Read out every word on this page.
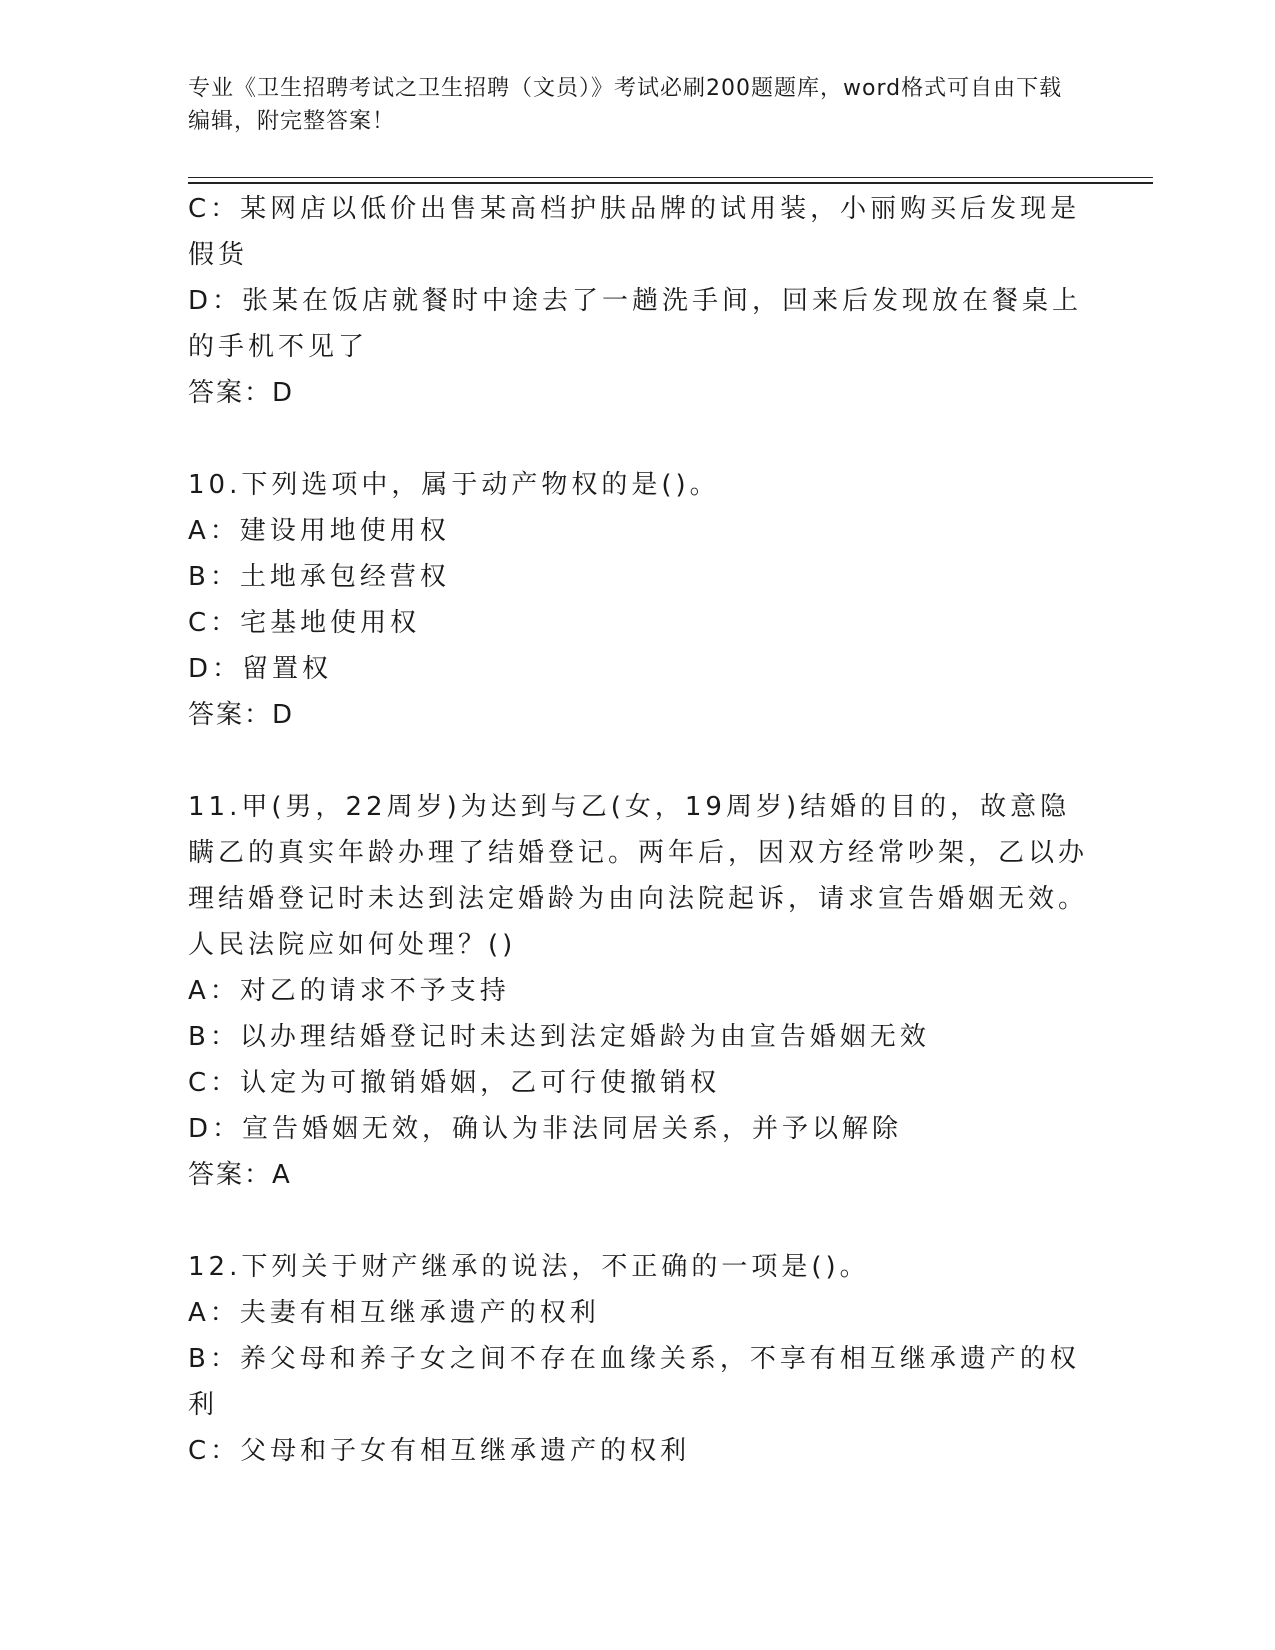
专业《卫生招聘考试之卫生招聘（文员）》考试必刷200题题库，word格式可自由下载编辑，附完整答案！

C：某网店以低价出售某高档护肤品牌的试用装，小丽购买后发现是假货

D：张某在饭店就餐时中途去了一趟洗手间，回来后发现放在餐桌上的手机不见了

答案：D

10.下列选项中，属于动产物权的是()。

A：建设用地使用权

B：土地承包经营权

C：宅基地使用权

D：留置权

答案：D

11.甲(男，22周岁)为达到与乙(女，19周岁)结婚的目的，故意隐瞒乙的真实年龄办理了结婚登记。两年后，因双方经常吵架，乙以办理结婚登记时未达到法定婚龄为由向法院起诉，请求宣告婚姻无效。人民法院应如何处理？()

A：对乙的请求不予支持

B：以办理结婚登记时未达到法定婚龄为由宣告婚姻无效

C：认定为可撤销婚姻，乙可行使撤销权

D：宣告婚姻无效，确认为非法同居关系，并予以解除

答案：A

12.下列关于财产继承的说法，不正确的一项是()。

A：夫妻有相互继承遗产的权利

B：养父母和养子女之间不存在血缘关系，不享有相互继承遗产的权利

C：父母和子女有相互继承遗产的权利
